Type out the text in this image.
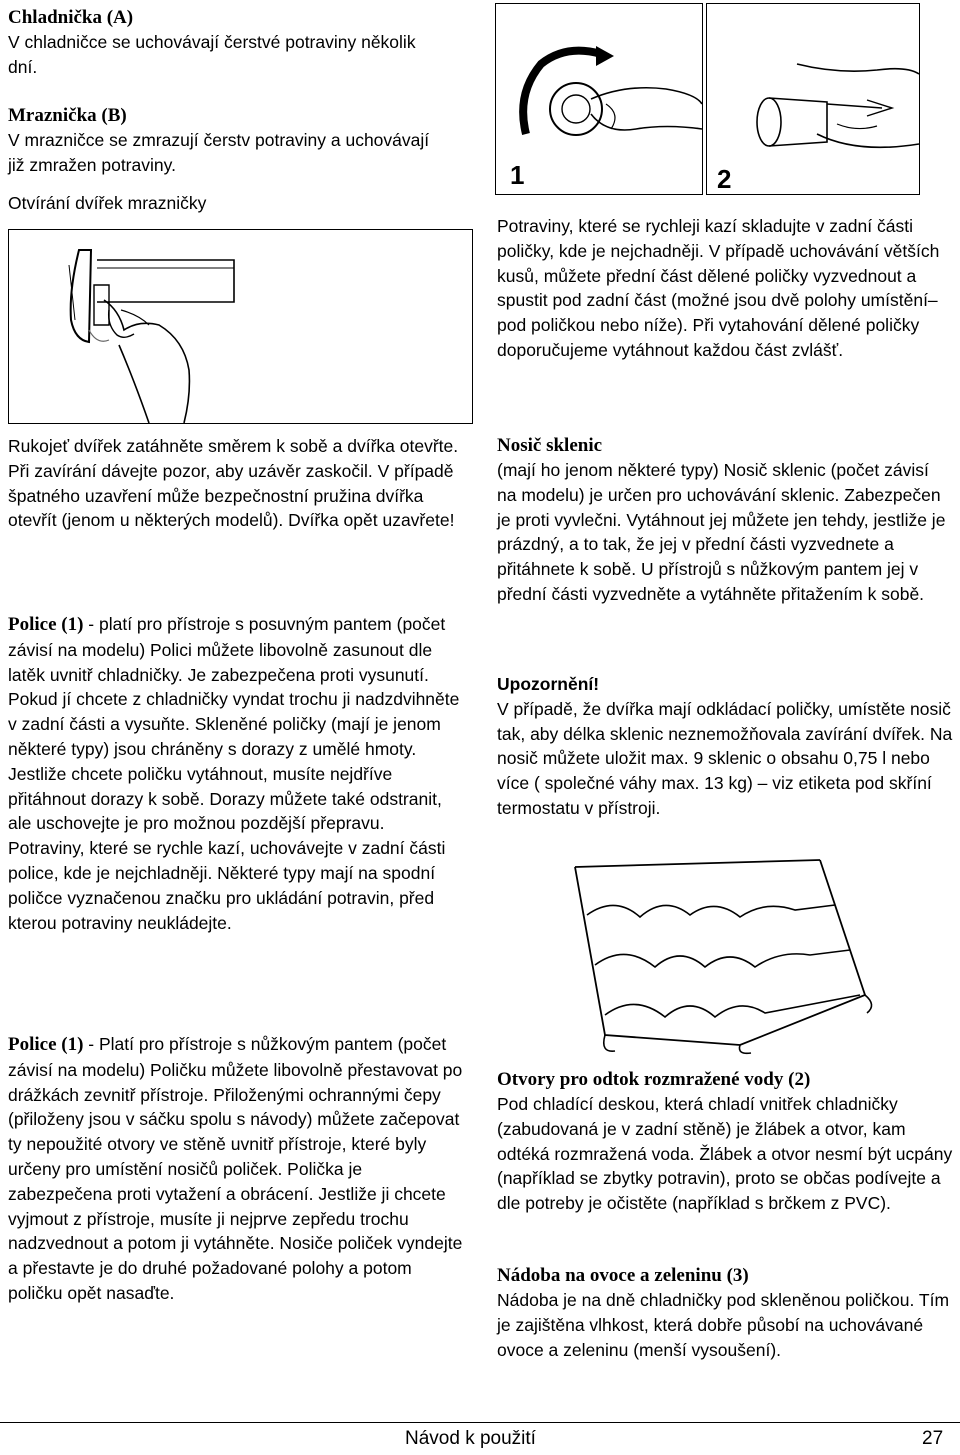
Chladnička (A)

V chladničce se uchovávají čerstvé potraviny několik dní.

Mraznička (B)

V mrazničce se zmrazují čerstv potraviny a uchovávají již zmražen potraviny.

Otvírání dvířek mrazničky

Rukojeť dvířek zatáhněte směrem k sobě a dvířka otevřte. Při zavírání dávejte pozor, aby uzávěr zaskočil. V případě špatného uzavření může bezpečnostní pružina dvířka otevřít (jenom u některých modelů). Dvířka opět uzavřete!

Police (1) - platí pro přístroje s posuvným pantem (počet závisí na modelu) Polici můžete libovolně zasunout dle latěk uvnitř chladničky. Je zabezpečena proti vysunutí. Pokud jí chcete z chladničky vyndat trochu ji nadzdvihněte v zadní části a vysuňte. Skleněné poličky (mají je jenom některé typy) jsou chráněny s dorazy z umělé hmoty. Jestliže chcete poličku vytáhnout, musíte nejdříve přitáhnout dorazy k sobě. Dorazy můžete také odstranit, ale uschovejte je pro možnou pozdější přepravu. Potraviny, které se rychle kazí, uchovávejte v zadní části police, kde je nejchladněji. Některé typy mají na spodní poličce vyznačenou značku pro ukládání potravin, před kterou potraviny neukládejte.

Police (1) - Platí pro přístroje s nůžkovým pantem (počet závisí na modelu) Poličku můžete libovolně přestavovat po drážkách zevnitř přístroje. Přiloženými ochrannými čepy (přiloženy jsou v sáčku spolu s návody) můžete začepovat ty nepoužité otvory ve stěně uvnitř přístroje, které byly určeny pro umístění nosičů poliček. Polička je zabezpečena proti vytažení a obrácení. Jestliže ji chcete vyjmout z přístroje, musíte ji nejprve zepředu trochu nadzvednout a potom ji vytáhněte. Nosiče poliček vyndejte a přestavte je do druhé požadované polohy a potom poličku opět nasaďte.

1	2

Potraviny, které se rychleji kazí skladujte v zadní části poličky, kde je nejchadněji. V případě uchovávání větších kusů, můžete přední část dělené poličky vyzvednout a spustit pod zadní část (možné jsou dvě polohy umístění– pod poličkou nebo níže). Při vytahování dělené poličky doporučujeme vytáhnout každou část zvlášť.

Nosič sklenic

(mají ho jenom některé typy) Nosič sklenic (počet závisí na modelu) je určen pro uchovávání sklenic. Zabezpečen je proti vyvlečni. Vytáhnout jej můžete jen tehdy, jestliže je prázdný, a to tak, že jej v přední části vyzvednete a přitáhnete k sobě. U přístrojů s nůžkovým pantem jej v přední části vyzvedněte a vytáhněte přitažením k sobě.

Upozornění!

V případě, že dvířka mají odkládací poličky, umístěte nosič tak, aby délka sklenic neznemožňovala zavírání dvířek. Na nosič můžete uložit max. 9 sklenic o obsahu 0,75 l nebo více ( společné váhy max. 13 kg) – viz etiketa pod skříní termostatu v přístroji.

Otvory pro odtok rozmražené vody (2)

Pod chladící deskou, která chladí vnitřek chladničky (zabudovaná je v zadní stěně) je žlábek a otvor, kam odtéká rozmražená voda. Žlábek a otvor nesmí být ucpány (například se zbytky potravin), proto se občas podívejte a dle potreby je očistěte (například s brčkem z PVC).

Nádoba na ovoce a zeleninu (3)

Nádoba je na dně chladničky pod skleněnou poličkou. Tím je zajištěna vlhkost, která dobře působí na uchovávané ovoce a zeleninu (menší vysoušení).

Návod k použití	27
